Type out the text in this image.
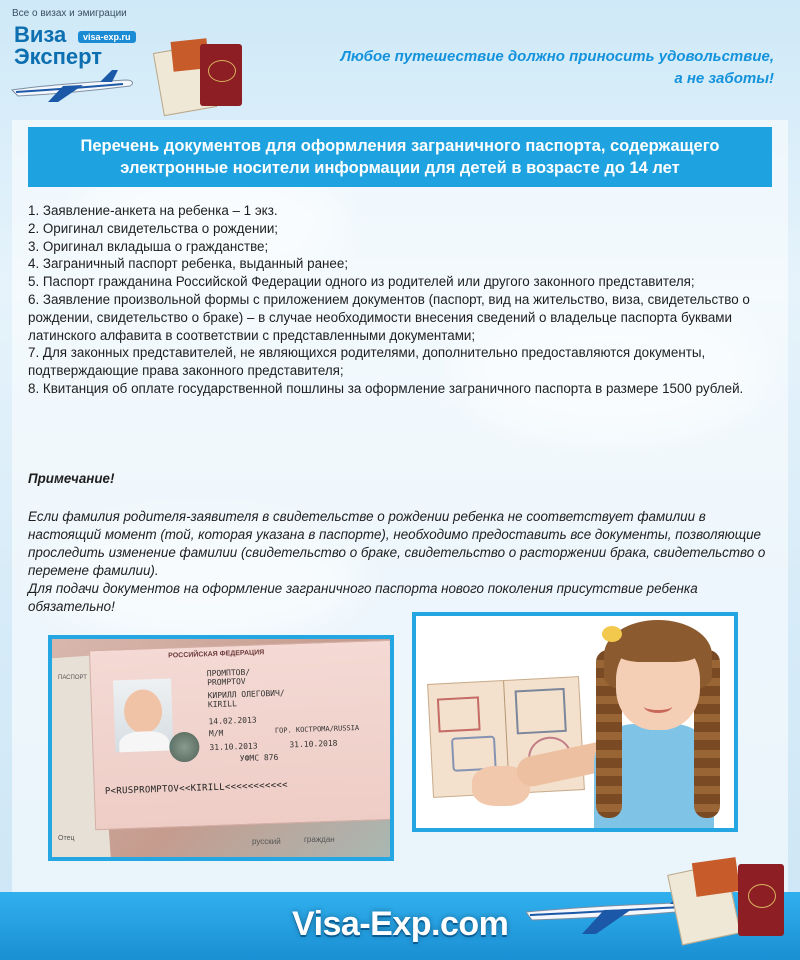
Все о визах и эмиграции
Виза	visa-exp.ru
Эксперт	Любое путешествие должно приносить удовольствие,
а не заботы!
Перечень документов для оформления заграничного паспорта, содержащего
электронные носители информации для детей в возрасте до 14 лет
1. Заявление-анкета на ребенка – 1 экз.
2. Оригинал свидетельства о рождении;
3. Оригинал вкладыша о гражданстве;
4. Заграничный паспорт ребенка, выданный ранее;
5. Паспорт гражданина Российской Федерации одного из родителей или другого законного представителя;
6. Заявление произвольной формы с приложением документов (паспорт, вид на жительство, виза, свидетельство о рождении, свидетельство о браке) – в случае необходимости внесения сведений о владельце паспорта буквами латинского алфавита в соответствии с представленными документами;
7. Для законных представителей, не являющихся родителями, дополнительно предоставляются документы, подтверждающие права законного представителя;
8. Квитанция об оплате государственной пошлины за оформление заграничного паспорта в размере 1500 рублей.
Примечание!

Если фамилия родителя-заявителя в свидетельстве о рождении ребенка не соответствует фамилии в настоящий момент (той, которая указана в паспорте), необходимо предоставить все документы, позволяющие проследить изменение фамилии (свидетельство о браке, свидетельство о расторжении брака, свидетельство о перемене фамилии).

Для подачи документов на оформление заграничного паспорта нового поколения присутствие ребенка обязательно!

РОССИЙСКАЯ ФЕДЕРАЦИЯ
ПРОМПТОВ/
PROMPTOV
КИРИЛЛ ОЛЕГОВИЧ/
KIRILL
14.02.2013
М/М	ГОР. КОСТРОМА/RUSSIA
31.10.2013	31.10.2018
УФМС 876
P<RUSPROMPTOV<<KIRILL<<<<<<<<<<<
ПАСПОРТ
граждан
русский
Отец
Visa-Exp.com
